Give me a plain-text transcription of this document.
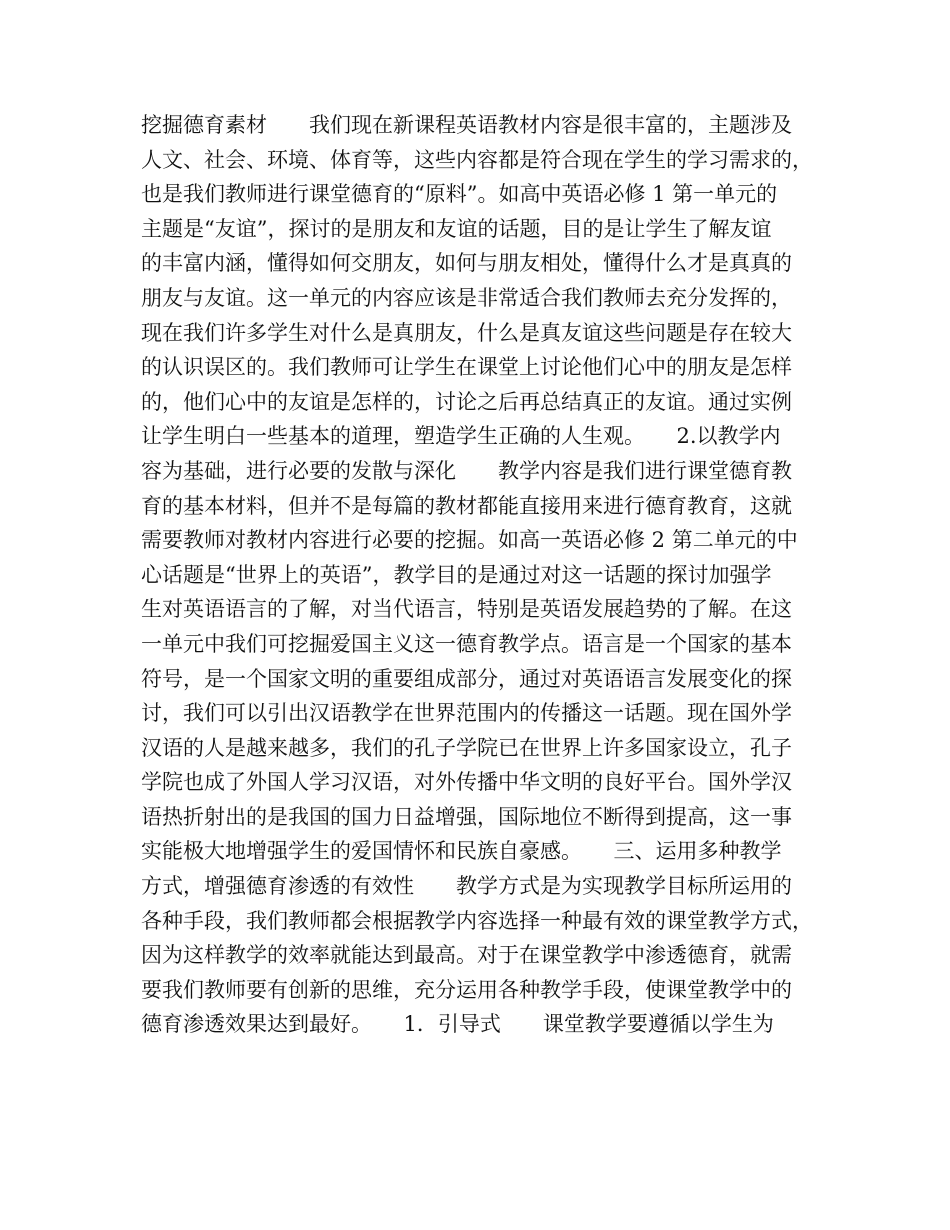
挖掘德育素材　　我们现在新课程英语教材内容是很丰富的，主题涉及
人文、社会、环境、体育等，这些内容都是符合现在学生的学习需求的，
也是我们教师进行课堂德育的“原料”。如高中英语必修 1 第一单元的
主题是“友谊”，探讨的是朋友和友谊的话题，目的是让学生了解友谊
的丰富内涵，懂得如何交朋友，如何与朋友相处，懂得什么才是真真的
朋友与友谊。这一单元的内容应该是非常适合我们教师去充分发挥的，
现在我们许多学生对什么是真朋友，什么是真友谊这些问题是存在较大
的认识误区的。我们教师可让学生在课堂上讨论他们心中的朋友是怎样
的，他们心中的友谊是怎样的，讨论之后再总结真正的友谊。通过实例
让学生明白一些基本的道理，塑造学生正确的人生观。　　2.以教学内
容为基础，进行必要的发散与深化　　教学内容是我们进行课堂德育教
育的基本材料，但并不是每篇的教材都能直接用来进行德育教育，这就
需要教师对教材内容进行必要的挖掘。如高一英语必修 2 第二单元的中
心话题是“世界上的英语”，教学目的是通过对这一话题的探讨加强学
生对英语语言的了解，对当代语言，特别是英语发展趋势的了解。在这
一单元中我们可挖掘爱国主义这一德育教学点。语言是一个国家的基本
符号，是一个国家文明的重要组成部分，通过对英语语言发展变化的探
讨，我们可以引出汉语教学在世界范围内的传播这一话题。现在国外学
汉语的人是越来越多，我们的孔子学院已在世界上许多国家设立，孔子
学院也成了外国人学习汉语，对外传播中华文明的良好平台。国外学汉
语热折射出的是我国的国力日益增强，国际地位不断得到提高，这一事
实能极大地增强学生的爱国情怀和民族自豪感。　　三、运用多种教学
方式，增强德育渗透的有效性　　教学方式是为实现教学目标所运用的
各种手段，我们教师都会根据教学内容选择一种最有效的课堂教学方式，
因为这样教学的效率就能达到最高。对于在课堂教学中渗透德育，就需
要我们教师要有创新的思维，充分运用各种教学手段，使课堂教学中的
德育渗透效果达到最好。　　1．引导式　　课堂教学要遵循以学生为
